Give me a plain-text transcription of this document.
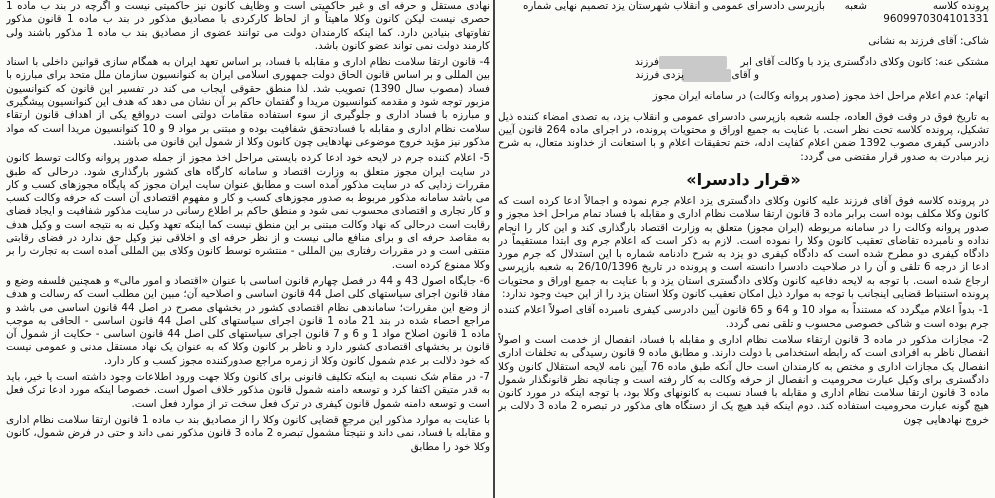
پرونده کلاسه
شعبه
بازپرسی دادسرای عمومی و انقلاب شهرستان یزد تصمیم نهایی شماره
9609970304101331
شاکی: آقای فرزند به نشانی
مشتکی عنه: کانون وکلای دادگستری یزد با وکالت آقای ابر
xxxxxxxxxxx
فرزند
و آقای
xxxxxxxx
یزدی فرزند

اتهام: عدم اعلام مراحل اخذ مجوز (صدور پروانه وکالت) در سامانه ایران مجوز

به تاریخ فوق در وقت فوق العاده، جلسه شعبه بازپرسی دادسرای عمومی و انقلاب یزد، به تصدی امضاء کننده ذیل تشکیل، پرونده کلاسه تحت نظر است. با عنایت به جمیع اوراق و محتویات پرونده، در اجرای ماده 264 قانون آیین دادرسی کیفری مصوب 1392 ضمن اعلام کفایت ادله، ختم تحقیقات اعلام و با استعانت از خداوند متعال، به شرح زیر مبادرت به صدور قرار مقتضی می گردد:

«قرار دادسرا»

در پرونده کلاسه فوق آقای فرزند علیه کانون وکلای دادگستری یزد اعلام جرم نموده و اجمالاً ادعا کرده است که کانون وکلا مکلف بوده است برابر ماده 3 قانون ارتقا سلامت نظام اداری و مقابله با فساد تمام مراحل اخذ مجوز و صدور پروانه وکالت را در سامانه مربوطه (ایران مجوز) متعلق به وزارت اقتصاد بارگذاری کند و این کار را انجام نداده و نامبرده تقاضای تعقیب کانون وکلا را نموده است. لازم به ذکر است که اعلام جرم وی ابتدا مستقیماً در دادگاه کیفری دو مطرح شده است که دادگاه کیفری دو یزد به شرح دادنامه شماره با این استدلال که جرم مورد ادعا از درجه 6 تلقی و آن را در صلاحیت دادسرا دانسته است و پرونده در تاریخ 26/10/1396 به شعبه بازپرسی ارجاع شده است. با توجه به لایحه دفاعیه کانون وکلای دادگستری استان یزد و با عنایت به جمیع اوراق و محتویات پرونده استنباط قضایی اینجانب با توجه به موارد ذیل امکان تعقیب کانون وکلا استان یزد را از این حیث وجود ندارد:

1- بدواً اعلام میگردد که مستنداً به مواد 10 و 64 و 65 قانون آیین دادرسی کیفری نامبرده آقای اصولاً اعلام کننده جرم بوده است و شاکی خصوصی محسوب و تلقی نمی گردد.

2- مجازات مذکور در ماده 3 قانون ارتقاء سلامت نظام اداری و مقابله با فساد، انفصال از خدمت است و اصولاً انفصال ناظر به افرادی است که رابطه استخدامی با دولت دارند. و مطابق ماده 9 قانون رسیدگی به تخلفات اداری انفصال یک مجازات اداری و مختص به کارمندان است حال آنکه طبق ماده 76 آیین نامه لایحه استقلال کانون وکلا دادگستری برای وکیل عبارت محرومیت و انفصال از حرفه وکالت به کار رفته است و چنانچه نظر قانونگذار شمول ماده 3 قانون ارتقا سلامت نظام اداری و مقابله با فساد نسبت به کانونهای وکلا بود، با توجه اینکه در مورد کانون هیچ گونه عبارت محرومیت استفاده کند. دوم اینکه قید هیچ یک از دستگاه های مذکور در تبصره 2 ماده 3 دلالت بر خروج نهادهایی چون

نهادی مستقل و حرفه ای و غیر حاکمیتی است و وظایف کانون نیز حاکمیتی نیست و اگرچه در بند ب ماده 1 حصری نیست لیکن کانون وکلا ماهیتاً و از لحاظ کارکردی با مصادیق مذکور در بند ب ماده 1 قانون مذکور تفاوتهای بنیادین دارد. کما اینکه کارمندان دولت می توانند عضوی از مصادیق بند ب ماده 1 مذکور باشند ولی کارمند دولت نمی تواند عضو کانون باشد.

4- قانون ارتقا سلامت نظام اداری و مقابله با فساد، بر اساس تعهد ایران به همگام سازی قوانین داخلی با اسناد بین المللی و بر اساس قانون الحاق دولت جمهوری اسلامی ایران به کنوانسیون سازمان ملل متحد برای مبارزه با فساد (مصوب سال 1390) تصویب شد. لذا منطق حقوقی ایجاب می کند در تفسیر این قانون که کنوانسیون مزبور توجه شود و مقدمه کنوانسیون مریدا و گفتمان حاکم بر آن نشان می دهد که هدف این کنوانسیون پیشگیری و مبارزه با فساد اداری و جلوگیری از سوء استفاده مقامات دولتی است درواقع یکی از اهداف قانون ارتقاء سلامت نظام اداری و مقابله با فسادتحقق شفافیت بوده و مبتنی بر مواد 9 و 10 کنوانسیون مریدا است که مواد مذکور نیز مؤید خروج موضوعی نهادهایی چون کانون وکلا از شمول این قانون می باشند.

5- اعلام کننده جرم در لایحه خود ادعا کرده بایستی مراحل اخذ مجوز از جمله صدور پروانه وکالت توسط کانون در سایت ایران مجوز متعلق به وزارت اقتصاد و سامانه کارگاه های کشور بارگذاری شود. درحالی که طبق مقررات زدایی که در سایت مذکور آمده است و مطابق عنوان سایت ایران مجوز که پایگاه مجوزهای کسب و کار می باشد سامانه مذکور مربوط به صدور مجوزهای کسب و کار و مفهوم اقتصادی آن است که حرفه وکالت کسب و کار تجاری و اقتصادی محسوب نمی شود و منطق حاکم بر اطلاع رسانی در سایت مذکور شفافیت و ایجاد فضای رقابت است درحالی که نهاد وکالت مبتنی بر این منطق نیست کما اینکه تعهد وکیل نه به نتیجه است و وکیل هدف به مقاصد حرفه ای و برای منافع مالی نیست و از نظر حرفه ای و اخلاقی نیز وکیل حق ندارد در فضای رقابتی منتفی است و در مقررات رفتاری بین المللی - منتشره توسط کانون وکلای بین المللی آمده است به تجارت را بر وکلا ممنوع کرده است.

6- جایگاه اصول 43 و 44 در فصل چهارم قانون اساسی با عنوان «اقتصاد و امور مالی» و همچنین فلسفه وضع و مفاد قانون اجرای سیاستهای کلی اصل 44 قانون اساسی و اصلاحیه آن؛ مبین این مطلب است که رسالت و هدف از وضع این مقررات؛ ساماندهی نظام اقتصادی کشور در بخشهای مصرح در اصل 44 قانون اساسی می باشد و مراجع احصاء شده در بند 21 ماده 1 قانون اجرای سیاستهای کلی اصل 44 قانون اساسی - الحاقی به موجب ماده 1 قانون اصلاح مواد 1 و 6 و 7 قانون اجرای سیاستهای کلی اصل 44 قانون اساسی - حکایت از شمول آن قانون بر بخشهای اقتصادی کشور دارد و ناظر بر کانون وکلا که به عنوان یک نهاد مستقل مدنی و عمومی نیست که خود دلالت بر عدم شمول کانون وکلا از زمره مراجع صدورکننده مجوز کسب و کار دارد.

7- در مقام شک نسبت به اینکه تکلیف قانونی برای کانون وکلا جهت ورود اطلاعات وجود داشته است یا خیر، باید به قدر متیقن اکتفا کرد و توسعه دامنه شمول قانون مذکور خلاف اصول است. خصوصا اینکه مورد ادعا ترک فعل است و توسعه دامنه شمول قانون کیفری در ترک فعل سخت تر از موارد فعل است.

با عنایت به موارد مذکور این مرجع قضایی کانون وکلا را از مصادیق بند ب ماده 1 قانون ارتقا سلامت نظام اداری و مقابله با فساد، نمی داند و نتیجتاً مشمول تبصره 2 ماده 3 قانون مذکور نمی داند و حتی در فرض شمول، کانون وکلا خود را مطابق
